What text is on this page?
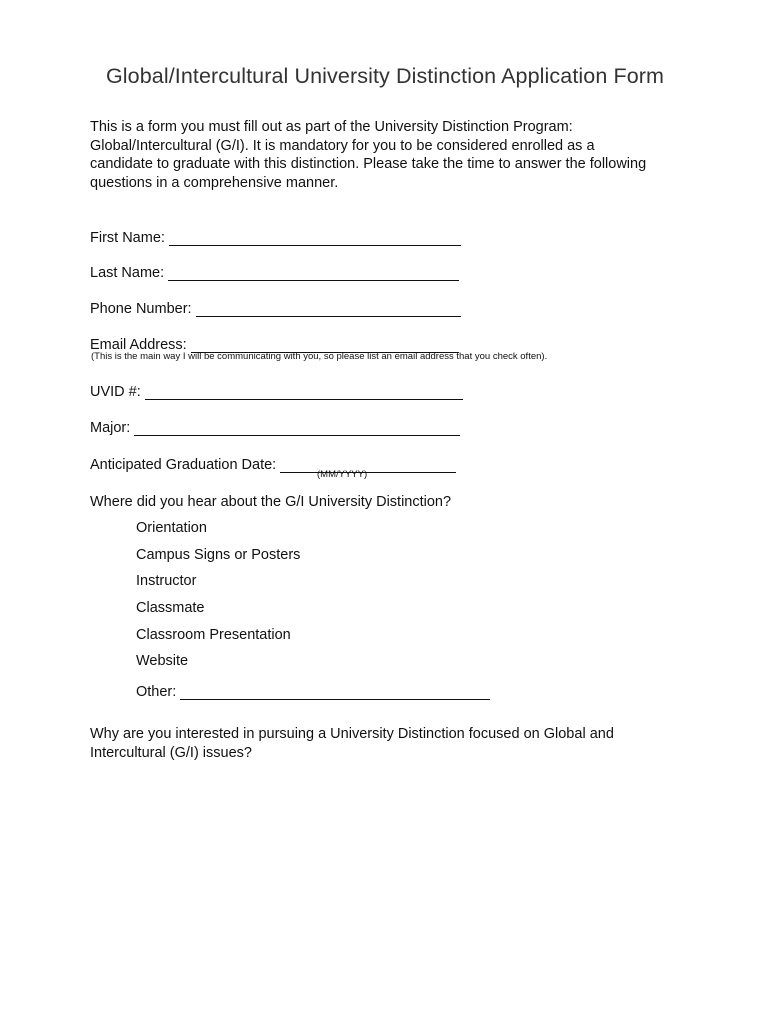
Global/Intercultural University Distinction Application Form

This is a form you must fill out as part of the University Distinction Program:
Global/Intercultural (G/I). It is mandatory for you to be considered enrolled as a
candidate to graduate with this distinction. Please take the time to answer the following
questions in a comprehensive manner.

First Name:
Last Name:
Phone Number:
Email Address:
(This is the main way I will be communicating with you, so please list an email address that you check often).
UVID #:
Major:
Anticipated Graduation Date:
(MM/YYYY)

Where did you hear about the G/I University Distinction?

Orientation
Campus Signs or Posters
Instructor
Classmate
Classroom Presentation
Website
Other:

Why are you interested in pursuing a University Distinction focused on Global and
Intercultural (G/I) issues?
